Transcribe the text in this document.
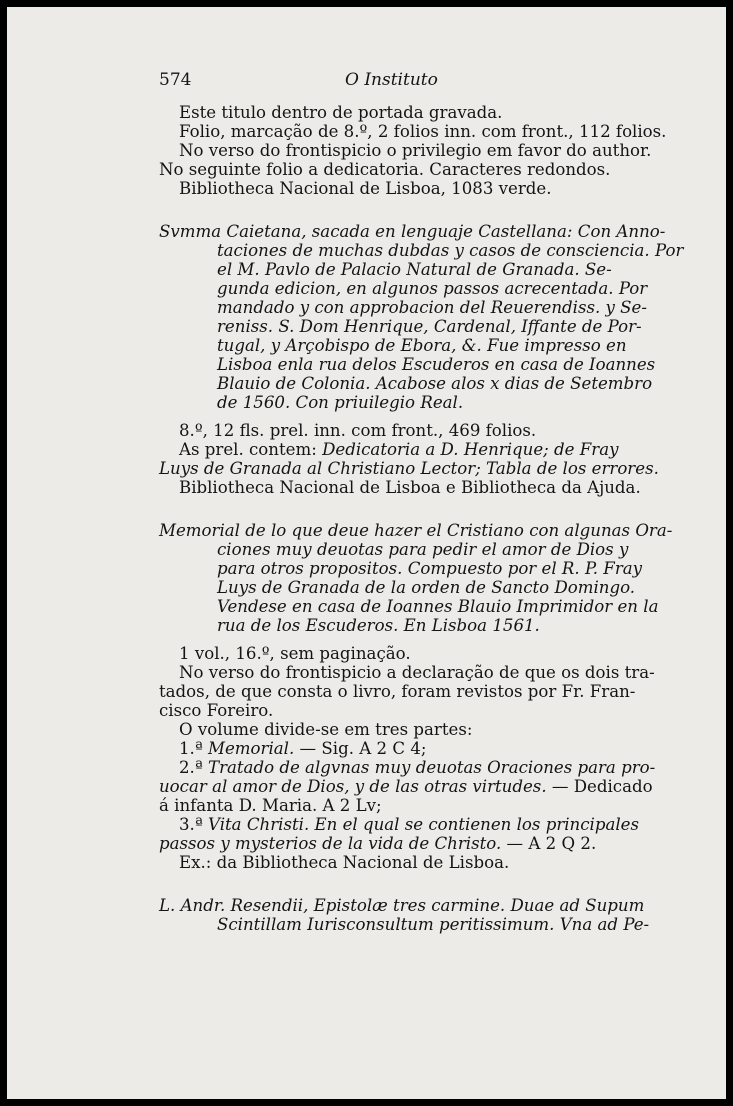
574	O Instituto
Este titulo dentro de portada gravada.
Folio, marcação de 8.º, 2 folios inn. com front., 112 folios.
No verso do frontispicio o privilegio em favor do author.
No seguinte folio a dedicatoria. Caracteres redondos.
Bibliotheca Nacional de Lisboa, 1083 verde.
Svmma Caietana, sacada en lenguaje Castellana: Con Anno-
taciones de muchas dubdas y casos de consciencia. Por
el M. Pavlo de Palacio Natural de Granada. Se-
gunda edicion, en algunos passos acrecentada. Por
mandado y con approbacion del Reuerendiss. y Se-
reniss. S. Dom Henrique, Cardenal, Iffante de Por-
tugal, y Arçobispo de Ebora, &. Fue impresso en
Lisboa enla rua delos Escuderos en casa de Ioannes
Blauio de Colonia. Acabose alos x dias de Setembro
de 1560. Con priuilegio Real.
8.º, 12 fls. prel. inn. com front., 469 folios.
As prel. contem: Dedicatoria a D. Henrique; de Fray
Luys de Granada al Christiano Lector; Tabla de los errores.
Bibliotheca Nacional de Lisboa e Bibliotheca da Ajuda.
Memorial de lo que deue hazer el Cristiano con algunas Ora-
ciones muy deuotas para pedir el amor de Dios y
para otros propositos. Compuesto por el R. P. Fray
Luys de Granada de la orden de Sancto Domingo.
Vendese en casa de Ioannes Blauio Imprimidor en la
rua de los Escuderos. En Lisboa 1561.
1 vol., 16.º, sem paginação.
No verso do frontispicio a declaração de que os dois tra-
tados, de que consta o livro, foram revistos por Fr. Fran-
cisco Foreiro.
O volume divide-se em tres partes:
1.ª Memorial. — Sig. A 2 C 4;
2.ª Tratado de algvnas muy deuotas Oraciones para pro-
uocar al amor de Dios, y de las otras virtudes. — Dedicado
á infanta D. Maria. A 2 Lv;
3.ª Vita Christi. En el qual se contienen los principales
passos y mysterios de la vida de Christo. — A 2 Q 2.
Ex.: da Bibliotheca Nacional de Lisboa.
L. Andr. Resendii, Epistolæ tres carmine. Duae ad Supum
Scintillam Iurisconsultum peritissimum. Vna ad Pe-
